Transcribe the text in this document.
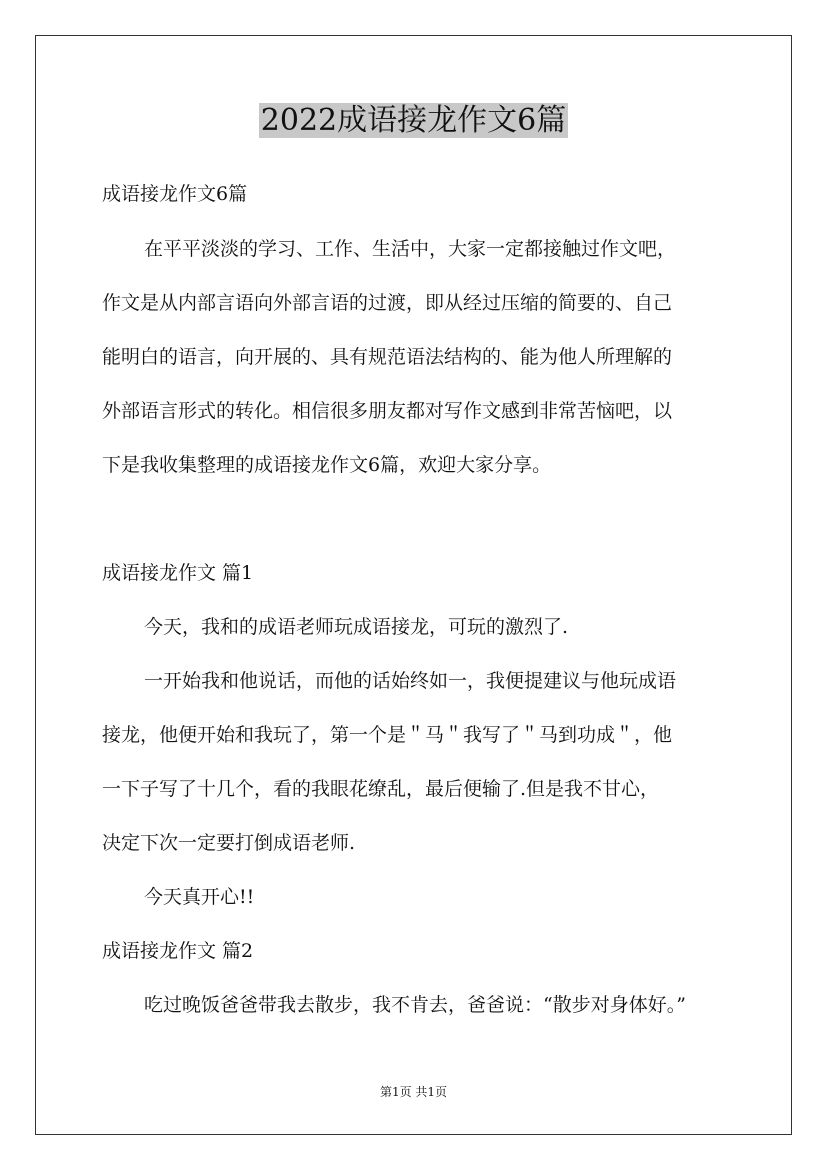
2022成语接龙作文6篇

成语接龙作文6篇

在平平淡淡的学习、工作、生活中，大家一定都接触过作文吧，

作文是从内部言语向外部言语的过渡，即从经过压缩的简要的、自己

能明白的语言，向开展的、具有规范语法结构的、能为他人所理解的

外部语言形式的转化。相信很多朋友都对写作文感到非常苦恼吧，以

下是我收集整理的成语接龙作文6篇，欢迎大家分享。

成语接龙作文 篇1

今天，我和的成语老师玩成语接龙，可玩的激烈了.

一开始我和他说话，而他的话始终如一，我便提建议与他玩成语

接龙，他便开始和我玩了，第一个是＂马＂我写了＂马到功成＂，他

一下子写了十几个，看的我眼花缭乱，最后便输了.但是我不甘心，

决定下次一定要打倒成语老师.

今天真开心!!

成语接龙作文 篇2

吃过晚饭爸爸带我去散步，我不肯去，爸爸说：“散步对身体好。”

第1页 共1页
